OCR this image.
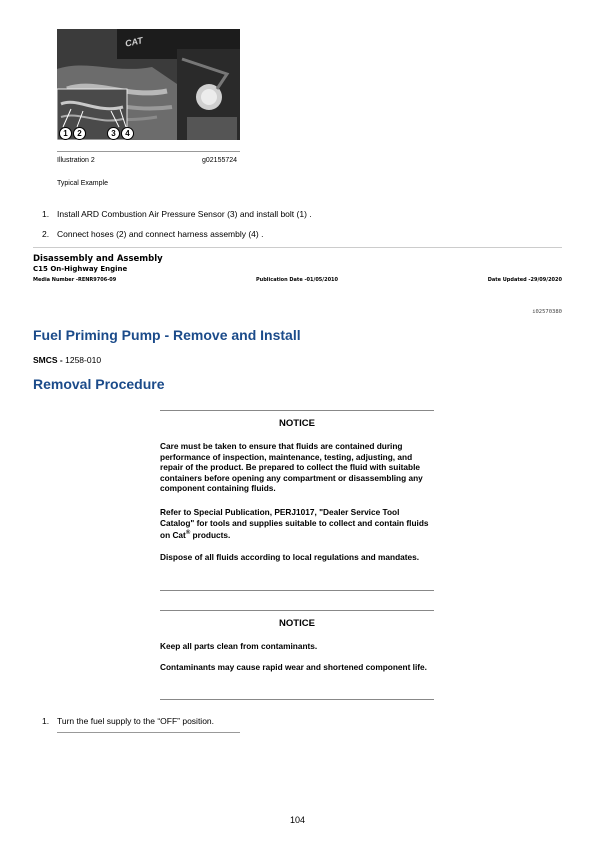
CAT
1	2	3	4
Illustration 2	g02155724
Typical Example
1. Install ARD Combustion Air Pressure Sensor (3) and install bolt (1) .
2. Connect hoses (2) and connect harness assembly (4) .
Disassembly and Assembly
C15 On-Highway Engine
Media Number -RENR9706-09	Publication Date -01/05/2010	Date Updated -29/09/2020
i02570380
Fuel Priming Pump - Remove and Install
SMCS - 1258-010
Removal Procedure
NOTICE

Care must be taken to ensure that fluids are contained during performance of inspection, maintenance, testing, adjusting, and repair of the product. Be prepared to collect the fluid with suitable containers before opening any compartment or disassembling any component containing fluids.

Refer to Special Publication, PERJ1017, "Dealer Service Tool Catalog" for tools and supplies suitable to collect and contain fluids on Cat® products.

Dispose of all fluids according to local regulations and mandates.

NOTICE

Keep all parts clean from contaminants.

Contaminants may cause rapid wear and shortened component life.

1. Turn the fuel supply to the “OFF” position.
104
